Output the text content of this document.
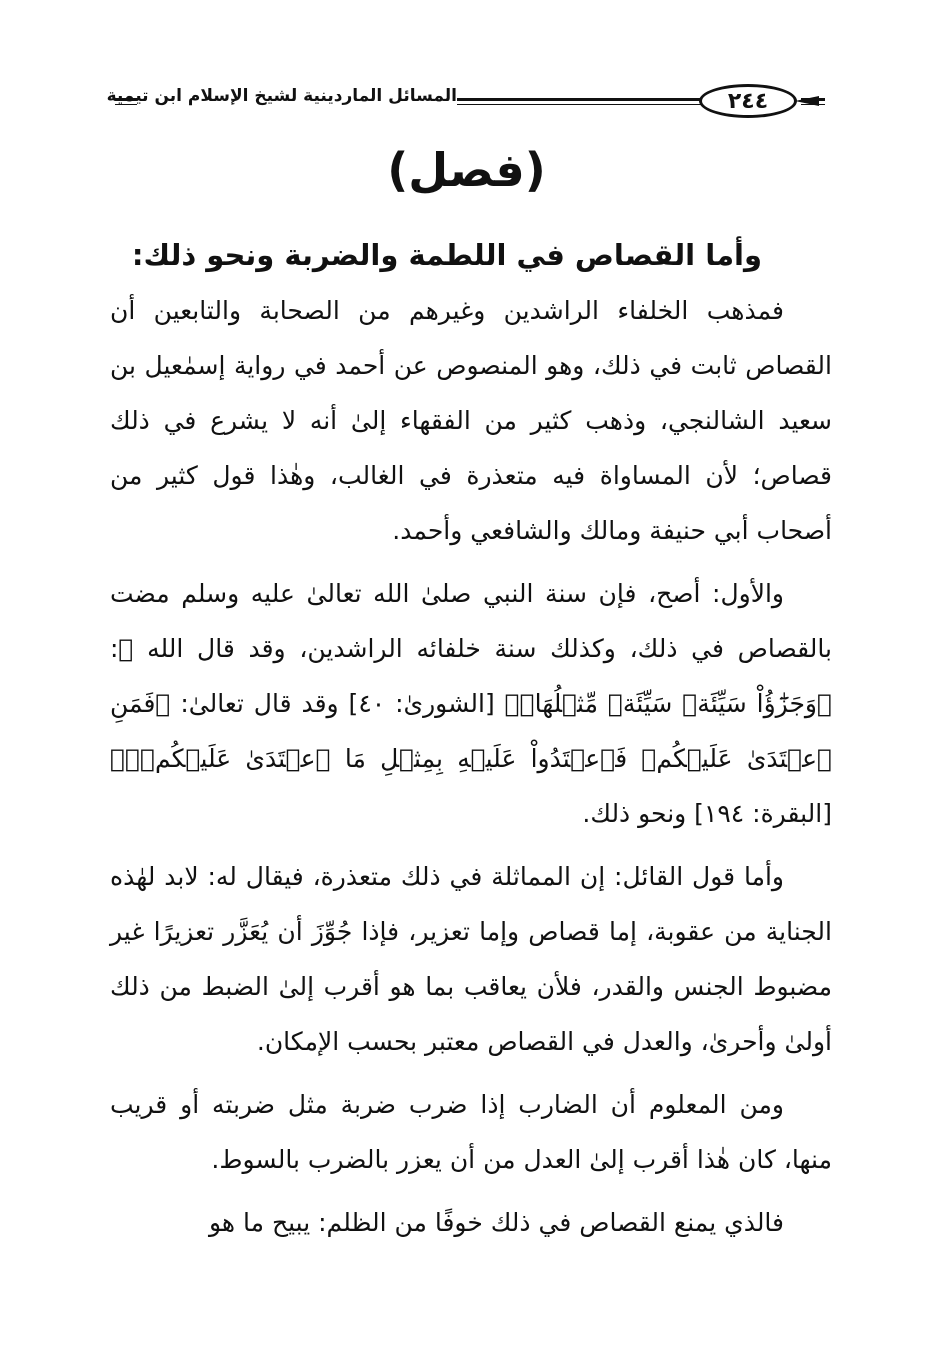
المسائل الماردينية لشيخ الإسلام ابن تيمية	٢٤٤
(فصل)
وأما القصاص في اللطمة والضربة ونحو ذلك:

فمذهب الخلفاء الراشدين وغيرهم من الصحابة والتابعين أن القصاص ثابت في ذلك، وهو المنصوص عن أحمد في رواية إسمٰعيل بن سعيد الشالنجي، وذهب كثير من الفقهاء إلىٰ أنه لا يشرع في ذلك قصاص؛ لأن المساواة فيه متعذرة في الغالب، وهٰذا قول كثير من أصحاب أبي حنيفة ومالك والشافعي وأحمد.

والأول: أصح، فإن سنة النبي صلىٰ الله تعالىٰ عليه وسلم مضت بالقصاص في ذلك، وكذلك سنة خلفائه الراشدين، وقد قال الله ﷻ: ﴿وَجَزَٰٓؤُاْ سَيِّئَةٖ سَيِّئَةٞ مِّثۡلُهَاۖ﴾ [الشورىٰ: ٤٠] وقد قال تعالىٰ: ﴿فَمَنِ ٱعۡتَدَىٰ عَلَيۡكُمۡ فَٱعۡتَدُواْ عَلَيۡهِ بِمِثۡلِ مَا ٱعۡتَدَىٰ عَلَيۡكُمۡۚ﴾ [البقرة: ١٩٤] ونحو ذلك.

وأما قول القائل: إن المماثلة في ذلك متعذرة، فيقال له: لابد لهٰذه الجناية من عقوبة، إما قصاص وإما تعزير، فإذا جُوِّزَ أن يُعَزَّر تعزيرًا غير مضبوط الجنس والقدر، فلأن يعاقب بما هو أقرب إلىٰ الضبط من ذلك أولىٰ وأحرىٰ، والعدل في القصاص معتبر بحسب الإمكان.

ومن المعلوم أن الضارب إذا ضرب ضربة مثل ضربته أو قريب منها، كان هٰذا أقرب إلىٰ العدل من أن يعزر بالضرب بالسوط.

فالذي يمنع القصاص في ذلك خوفًا من الظلم: يبيح ما هو
